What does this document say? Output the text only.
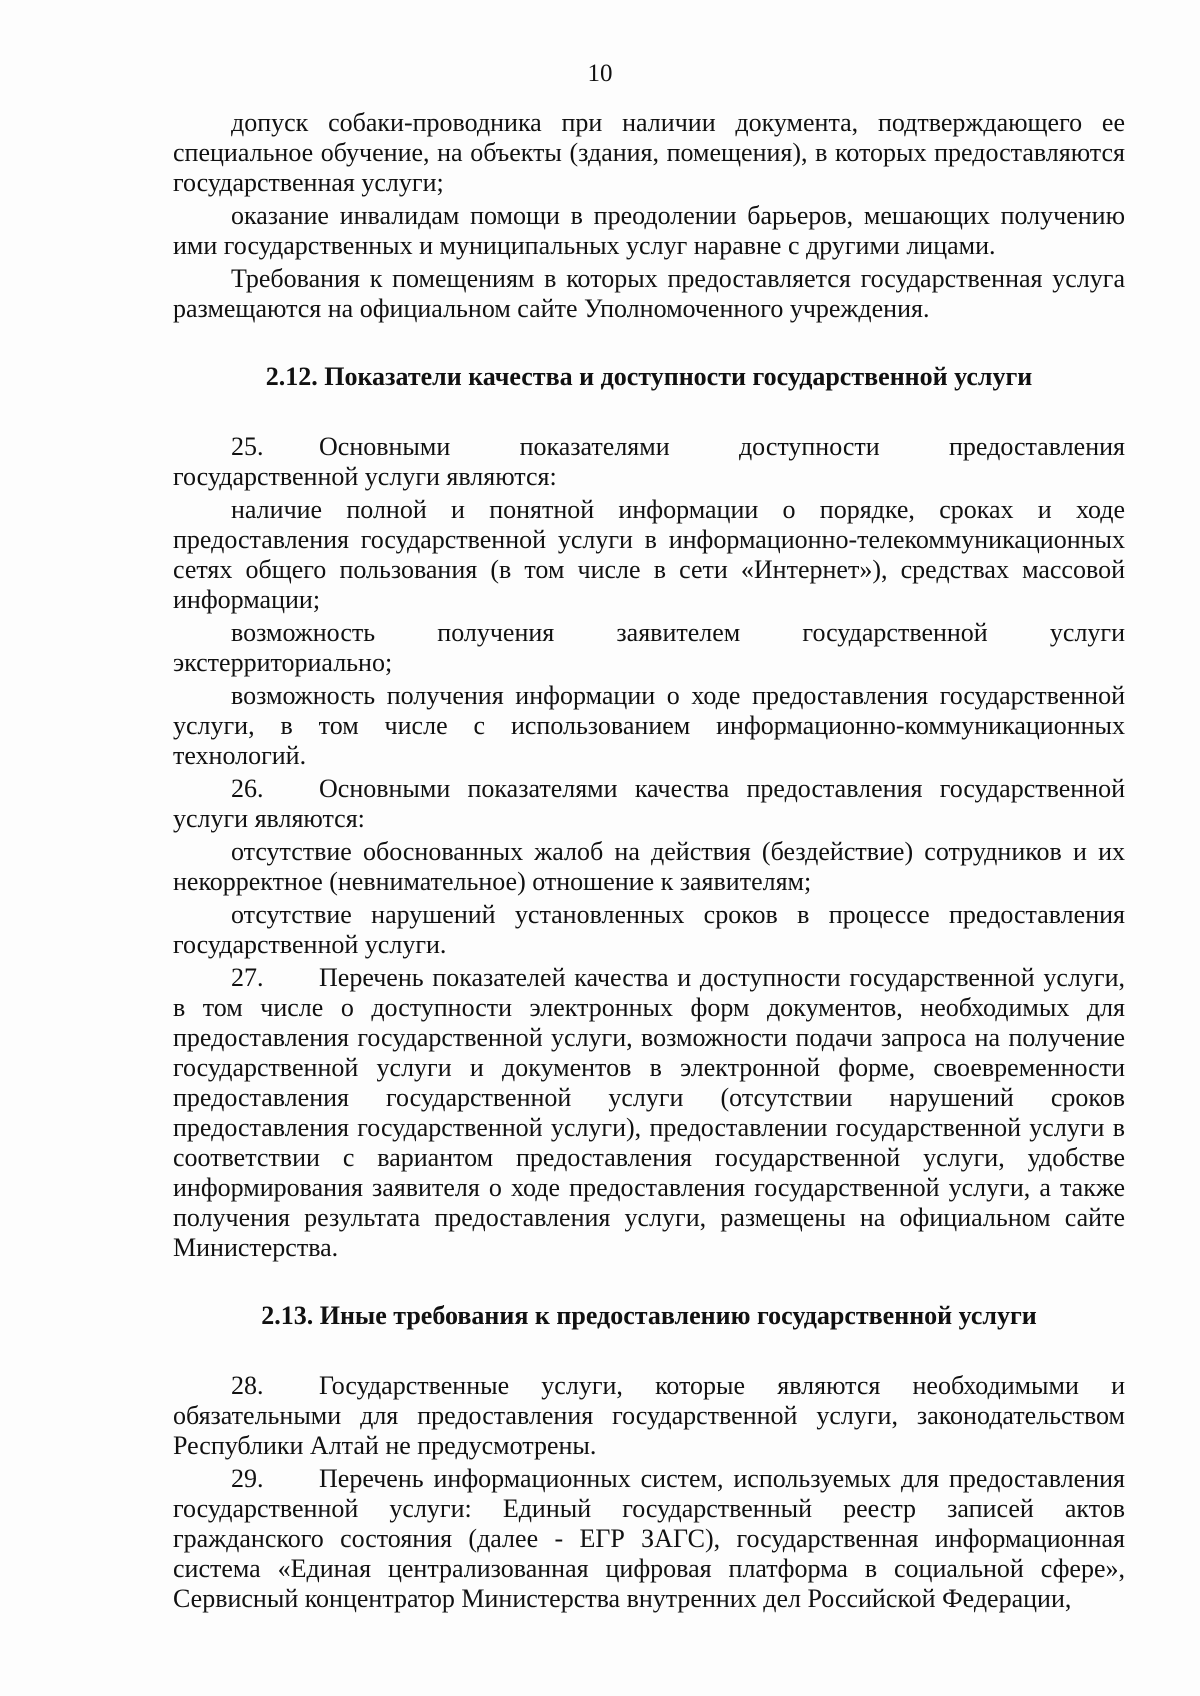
10

допуск собаки-проводника при наличии документа, подтверждающего ее специальное обучение, на объекты (здания, помещения), в которых предоставляются государственная услуги;

оказание инвалидам помощи в преодолении барьеров, мешающих получению ими государственных и муниципальных услуг наравне с другими лицами.

Требования к помещениям в которых предоставляется государственная услуга размещаются на официальном сайте Уполномоченного учреждения.

2.12. Показатели качества и доступности государственной услуги

25. Основными показателями доступности предоставления государственной услуги являются:

наличие полной и понятной информации о порядке, сроках и ходе предоставления государственной услуги в информационно-телекоммуникационных сетях общего пользования (в том числе в сети «Интернет»), средствах массовой информации;

возможность получения заявителем государственной услуги экстерриториально;

возможность получения информации о ходе предоставления государственной услуги, в том числе с использованием информационно-коммуникационных технологий.

26. Основными показателями качества предоставления государственной услуги являются:

отсутствие обоснованных жалоб на действия (бездействие) сотрудников и их некорректное (невнимательное) отношение к заявителям;

отсутствие нарушений установленных сроков в процессе предоставления государственной услуги.

27. Перечень показателей качества и доступности государственной услуги, в том числе о доступности электронных форм документов, необходимых для предоставления государственной услуги, возможности подачи запроса на получение государственной услуги и документов в электронной форме, своевременности предоставления государственной услуги (отсутствии нарушений сроков предоставления государственной услуги), предоставлении государственной услуги в соответствии с вариантом предоставления государственной услуги, удобстве информирования заявителя о ходе предоставления государственной услуги, а также получения результата предоставления услуги, размещены на официальном сайте Министерства.

2.13. Иные требования к предоставлению государственной услуги

28. Государственные услуги, которые являются необходимыми и обязательными для предоставления государственной услуги, законодательством Республики Алтай не предусмотрены.

29. Перечень информационных систем, используемых для предоставления государственной услуги: Единый государственный реестр записей актов гражданского состояния (далее - ЕГР ЗАГС), государственная информационная система «Единая централизованная цифровая платформа в социальной сфере», Сервисный концентратор Министерства внутренних дел Российской Федерации,
